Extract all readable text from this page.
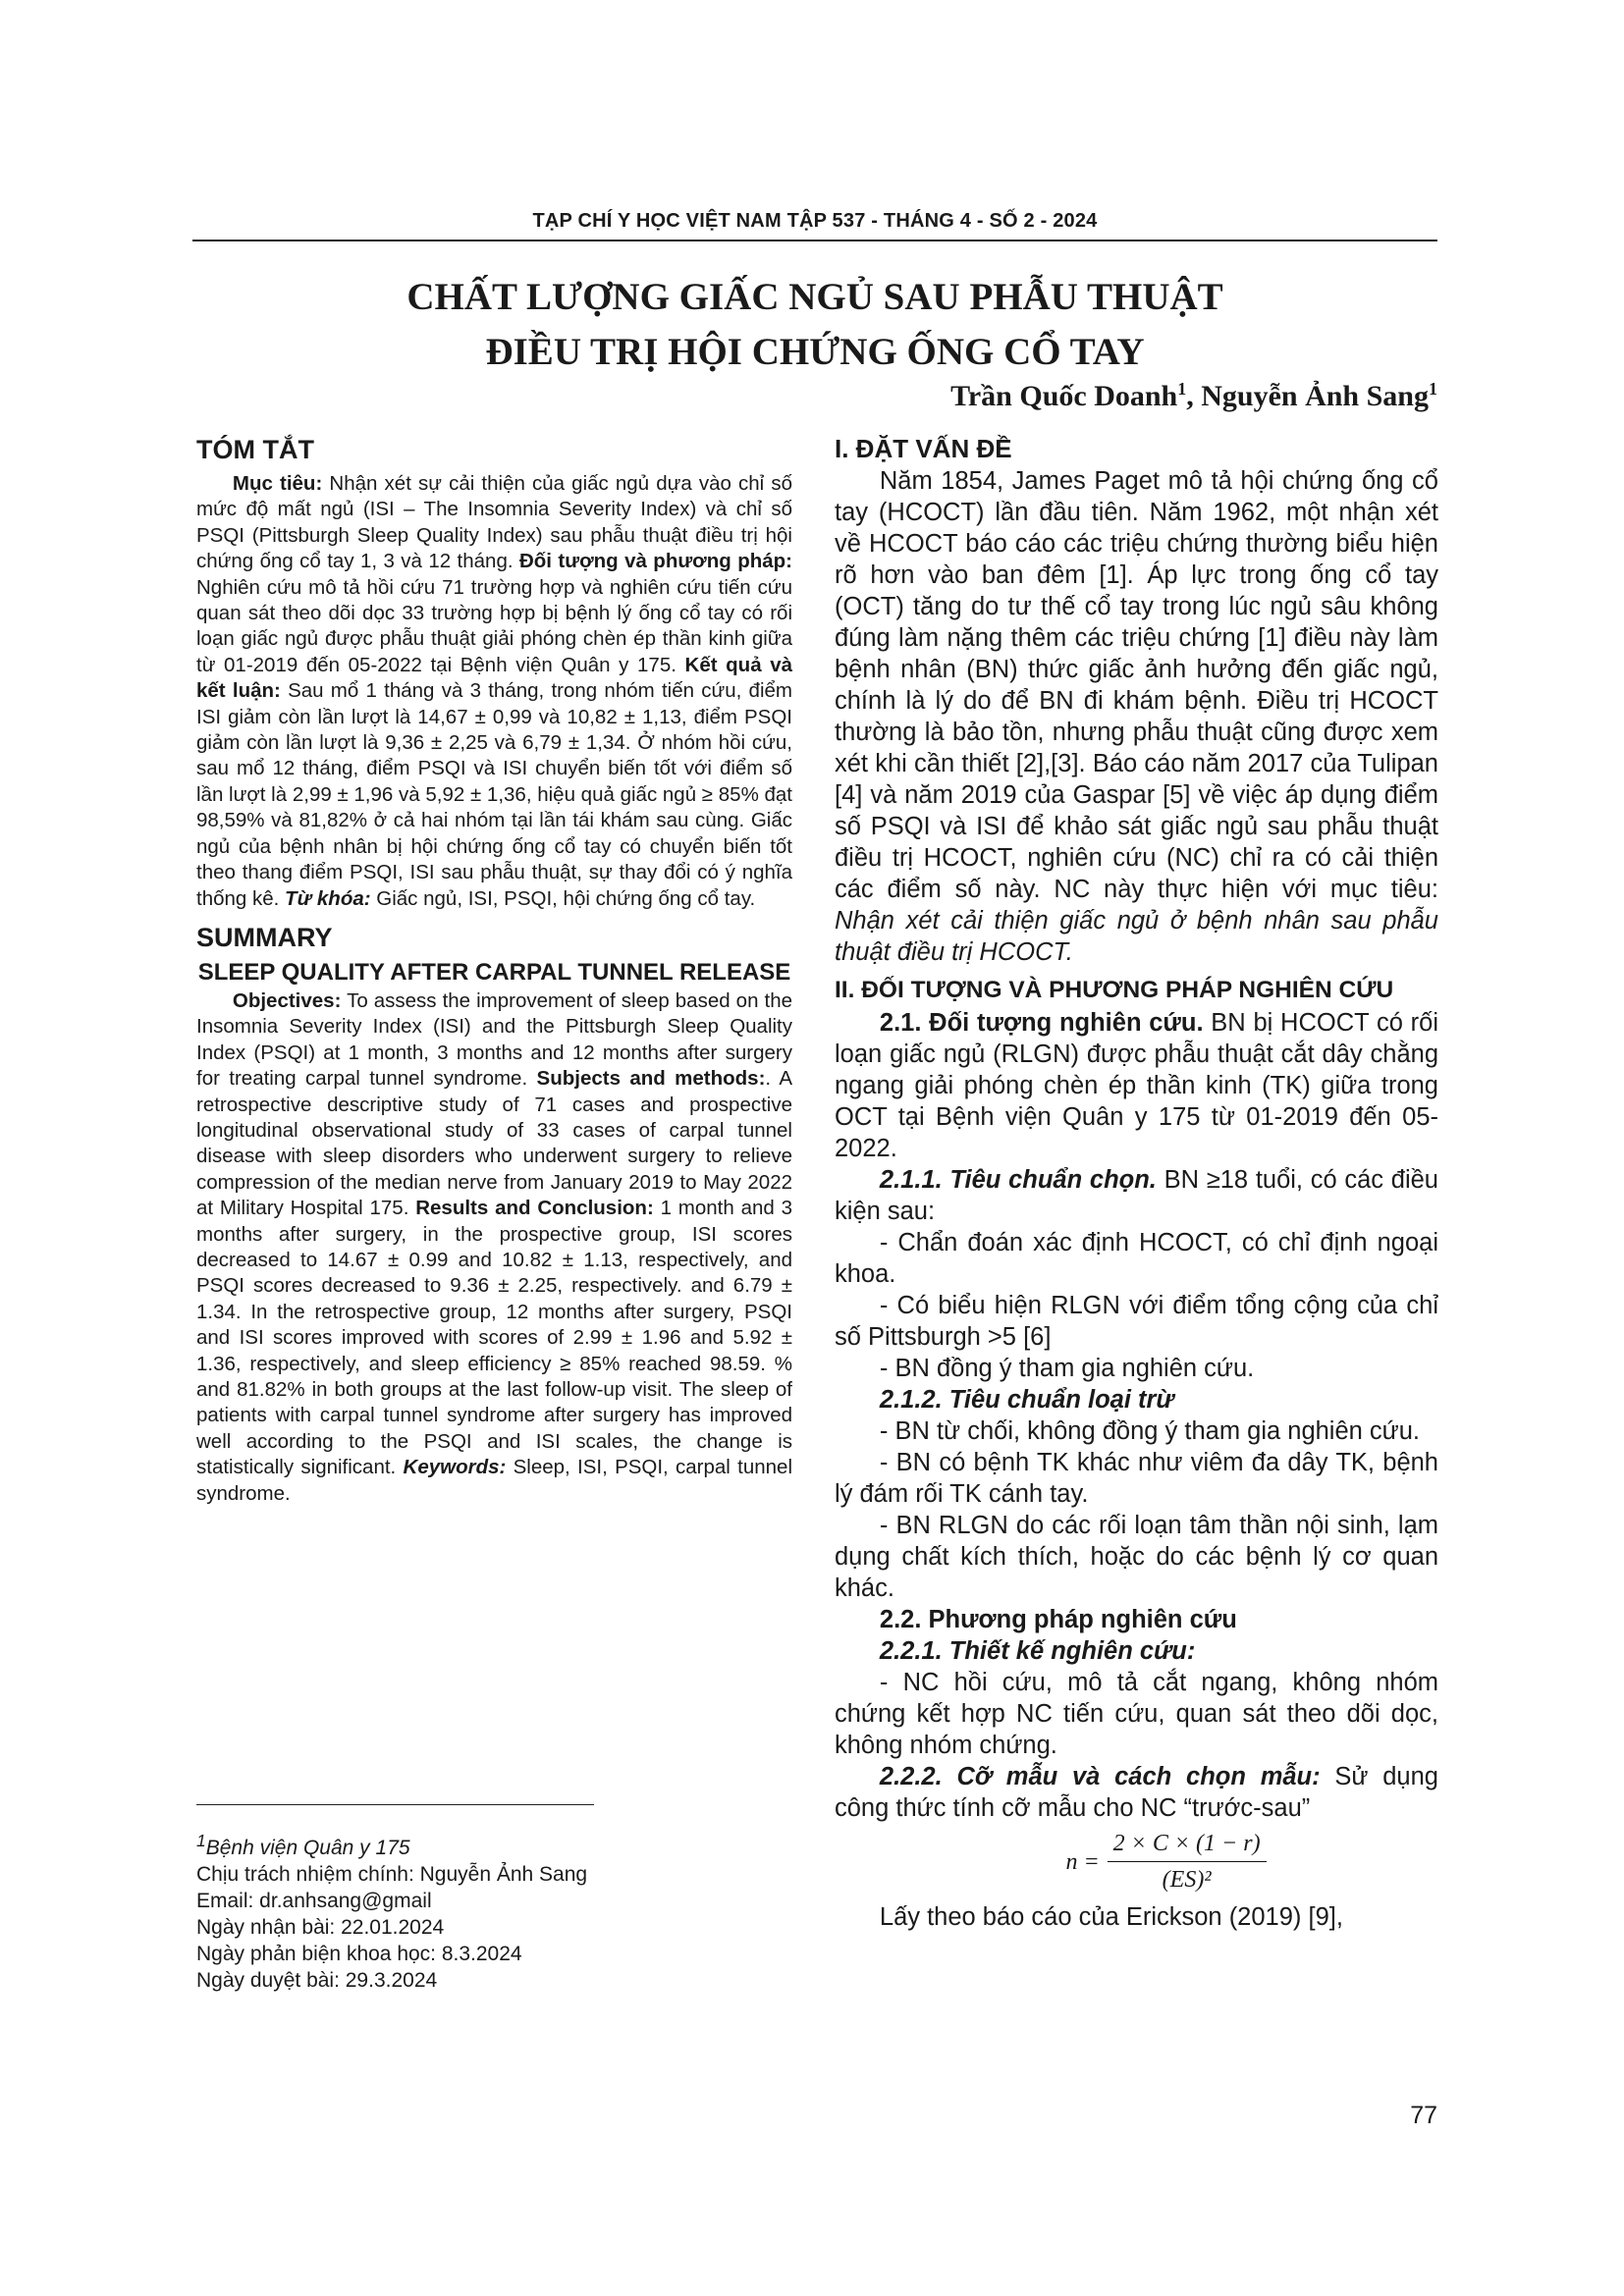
TẠP CHÍ Y HỌC VIỆT NAM TẬP 537 - THÁNG 4 - SỐ 2 - 2024
CHẤT LƯỢNG GIẤC NGỦ SAU PHẪU THUẬT
ĐIỀU TRỊ HỘI CHỨNG ỐNG CỔ TAY
Trần Quốc Doanh$^1$, Nguyễn Ảnh Sang$^1$
TÓM TẮT

Mục tiêu: Nhận xét sự cải thiện của giấc ngủ dựa vào chỉ số mức độ mất ngủ (ISI – The Insomnia Severity Index) và chỉ số PSQI (Pittsburgh Sleep Quality Index) sau phẫu thuật điều trị hội chứng ống cổ tay 1, 3 và 12 tháng. Đối tượng và phương pháp: Nghiên cứu mô tả hồi cứu 71 trường hợp và nghiên cứu tiến cứu quan sát theo dõi dọc 33 trường hợp bị bệnh lý ống cổ tay có rối loạn giấc ngủ được phẫu thuật giải phóng chèn ép thần kinh giữa từ 01-2019 đến 05-2022 tại Bệnh viện Quân y 175. Kết quả và kết luận: Sau mổ 1 tháng và 3 tháng, trong nhóm tiến cứu, điểm ISI giảm còn lần lượt là 14,67 ± 0,99 và 10,82 ± 1,13, điểm PSQI giảm còn lần lượt là 9,36 ± 2,25 và 6,79 ± 1,34. Ở nhóm hồi cứu, sau mổ 12 tháng, điểm PSQI và ISI chuyển biến tốt với điểm số lần lượt là 2,99 ± 1,96 và 5,92 ± 1,36, hiệu quả giấc ngủ ≥ 85% đạt 98,59% và 81,82% ở cả hai nhóm tại lần tái khám sau cùng. Giấc ngủ của bệnh nhân bị hội chứng ống cổ tay có chuyển biến tốt theo thang điểm PSQI, ISI sau phẫu thuật, sự thay đổi có ý nghĩa thống kê. Từ khóa: Giấc ngủ, ISI, PSQI, hội chứng ống cổ tay.

SUMMARY
SLEEP QUALITY AFTER CARPAL TUNNEL RELEASE

Objectives: To assess the improvement of sleep based on the Insomnia Severity Index (ISI) and the Pittsburgh Sleep Quality Index (PSQI) at 1 month, 3 months and 12 months after surgery for treating carpal tunnel syndrome. Subjects and methods:. A retrospective descriptive study of 71 cases and prospective longitudinal observational study of 33 cases of carpal tunnel disease with sleep disorders who underwent surgery to relieve compression of the median nerve from January 2019 to May 2022 at Military Hospital 175. Results and Conclusion: 1 month and 3 months after surgery, in the prospective group, ISI scores decreased to 14.67 ± 0.99 and 10.82 ± 1.13, respectively, and PSQI scores decreased to 9.36 ± 2.25, respectively. and 6.79 ± 1.34. In the retrospective group, 12 months after surgery, PSQI and ISI scores improved with scores of 2.99 ± 1.96 and 5.92 ± 1.36, respectively, and sleep efficiency ≥ 85% reached 98.59. % and 81.82% in both groups at the last follow-up visit. The sleep of patients with carpal tunnel syndrome after surgery has improved well according to the PSQI and ISI scales, the change is statistically significant. Keywords: Sleep, ISI, PSQI, carpal tunnel syndrome.

$^1$Bệnh viện Quân y 175
Chịu trách nhiệm chính: Nguyễn Ảnh Sang
Email: dr.anhsang@gmail
Ngày nhận bài: 22.01.2024
Ngày phản biện khoa học: 8.3.2024
Ngày duyệt bài: 29.3.2024
I. ĐẶT VẤN ĐỀ

Năm 1854, James Paget mô tả hội chứng ống cổ tay (HCOCT) lần đầu tiên. Năm 1962, một nhận xét về HCOCT báo cáo các triệu chứng thường biểu hiện rõ hơn vào ban đêm [1]. Áp lực trong ống cổ tay (OCT) tăng do tư thế cổ tay trong lúc ngủ sâu không đúng làm nặng thêm các triệu chứng [1] điều này làm bệnh nhân (BN) thức giấc ảnh hưởng đến giấc ngủ, chính là lý do để BN đi khám bệnh. Điều trị HCOCT thường là bảo tồn, nhưng phẫu thuật cũng được xem xét khi cần thiết [2],[3]. Báo cáo năm 2017 của Tulipan [4] và năm 2019 của Gaspar [5] về việc áp dụng điểm số PSQI và ISI để khảo sát giấc ngủ sau phẫu thuật điều trị HCOCT, nghiên cứu (NC) chỉ ra có cải thiện các điểm số này. NC này thực hiện với mục tiêu: Nhận xét cải thiện giấc ngủ ở bệnh nhân sau phẫu thuật điều trị HCOCT.

II. ĐỐI TƯỢNG VÀ PHƯƠNG PHÁP NGHIÊN CỨU

2.1. Đối tượng nghiên cứu. BN bị HCOCT có rối loạn giấc ngủ (RLGN) được phẫu thuật cắt dây chằng ngang giải phóng chèn ép thần kinh (TK) giữa trong OCT tại Bệnh viện Quân y 175 từ 01-2019 đến 05-2022.

2.1.1. Tiêu chuẩn chọn. BN ≥18 tuổi, có các điều kiện sau:

- Chẩn đoán xác định HCOCT, có chỉ định ngoại khoa.

- Có biểu hiện RLGN với điểm tổng cộng của chỉ số Pittsburgh >5 [6]

- BN đồng ý tham gia nghiên cứu.

2.1.2. Tiêu chuẩn loại trừ

- BN từ chối, không đồng ý tham gia nghiên cứu.

- BN có bệnh TK khác như viêm đa dây TK, bệnh lý đám rối TK cánh tay.

- BN RLGN do các rối loạn tâm thần nội sinh, lạm dụng chất kích thích, hoặc do các bệnh lý cơ quan khác.

2.2. Phương pháp nghiên cứu

2.2.1. Thiết kế nghiên cứu:

- NC hồi cứu, mô tả cắt ngang, không nhóm chứng kết hợp NC tiến cứu, quan sát theo dõi dọc, không nhóm chứng.

2.2.2. Cỡ mẫu và cách chọn mẫu: Sử dụng công thức tính cỡ mẫu cho NC “trước-sau”

$n = \frac{2 \times C \times (1 - r)}{\text{(ES)²}}$

Lấy theo báo cáo của Erickson (2019) [9],

77
